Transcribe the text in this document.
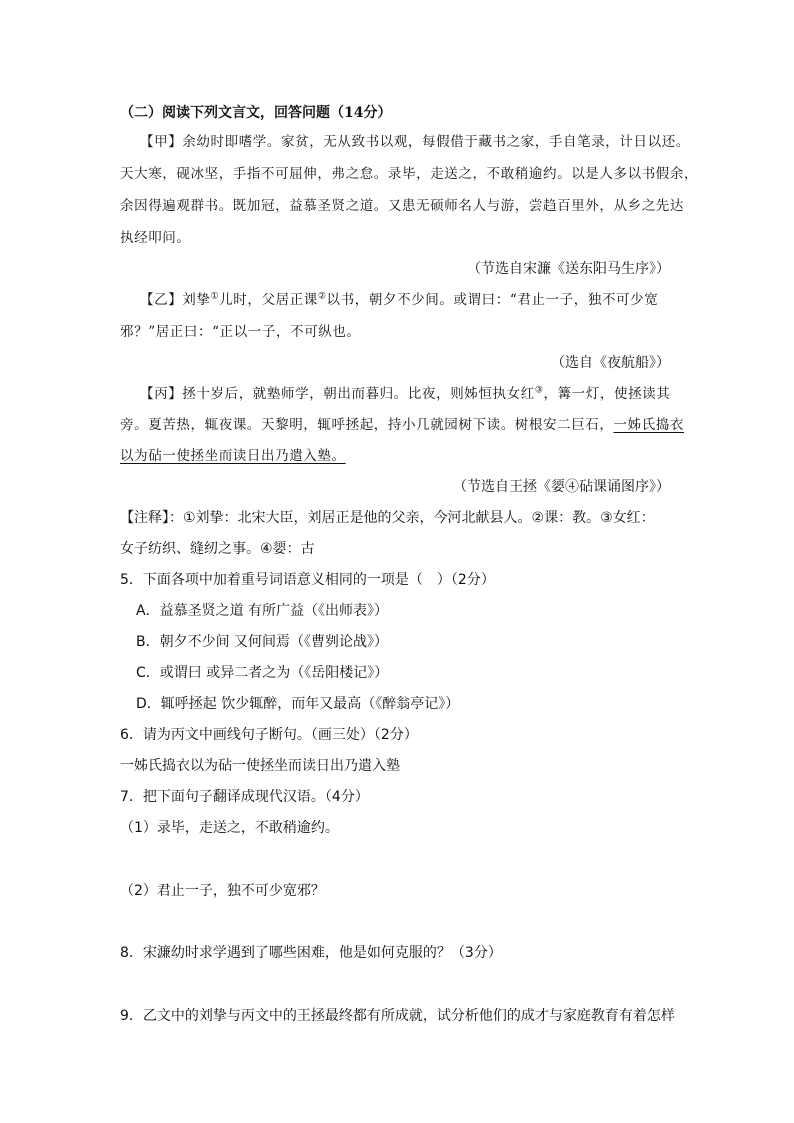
（二）阅读下列文言文，回答问题（14分）
【甲】余幼时即嗜学。家贫，无从致书以观，每假借于藏书之家，手自笔录，计日以还。
天大寒，砚冰坚，手指不可屈伸，弗之怠。录毕，走送之，不敢稍逾约。以是人多以书假余，
余因得遍观群书。既加冠，益慕圣贤之道。又患无硕师名人与游，尝趋百里外，从乡之先达
执经叩问。
（节选自宋濂《送东阳马生序》）
【乙】刘挚①儿时，父居正课②以书，朝夕不少间。或谓曰：“君止一子，独不可少宽
邪？”居正曰：“正以一子，不可纵也。
（选自《夜航船》）
【丙】拯十岁后，就塾师学，朝出而暮归。比夜，则姊恒执女红③，篝一灯，使拯读其
旁。夏苦热，辄夜课。天黎明，辄呼拯起，持小几就园树下读。树根安二巨石，一姊氏捣衣
以为砧一使拯坐而读日出乃遣入塾。
（节选自王拯《媭④砧课诵图序》）
【注释】：①刘挚：北宋大臣，刘居正是他的父亲，今河北献县人。②课：教。③女红：
女子纺织、缝纫之事。④媭：古
5．下面各项中加着重号词语意义相同的一项是（　）（2分）
A．益慕圣贤之道 有所广益（《出师表》）
B．朝夕不少间 又何间焉（《曹刿论战》）
C．或谓曰 或异二者之为（《岳阳楼记》）
D．辄呼拯起 饮少辄醉，而年又最高（《醉翁亭记》）
6．请为丙文中画线句子断句。（画三处）（2分）
一姊氏捣衣以为砧一使拯坐而读日出乃遣入塾
7．把下面句子翻译成现代汉语。（4分）
（1）录毕，走送之，不敢稍逾约。
（2）君止一子，独不可少宽邪？
8．宋濂幼时求学遇到了哪些困难，他是如何克服的？（3分）
9．乙文中的刘挚与丙文中的王拯最终都有所成就，试分析他们的成才与家庭教育有着怎样
